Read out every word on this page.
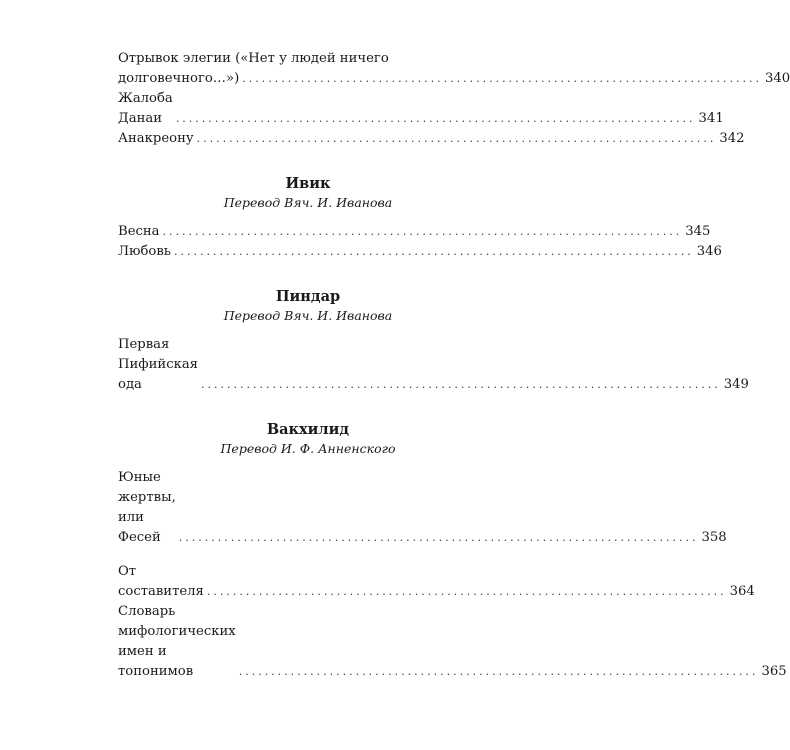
Отрывок элегии («Нет у людей ничего
долговечного…») ................................................................................ 340
Жалоба Данаи	................................................................................ 341
Анакреону ................................................................................ 342

Ивик

Перевод Вяч. И. Иванова

Весна ................................................................................ 345
Любовь ................................................................................ 346

Пиндар

Перевод Вяч. И. Иванова

Первая Пифийская ода	................................................................................ 349

Вакхилид

Перевод И. Ф. Анненского

Юные жертвы, или Фесей	................................................................................ 358
От составителя ................................................................................ 364
Словарь мифологических имен и топонимов	................................................................................ 365
